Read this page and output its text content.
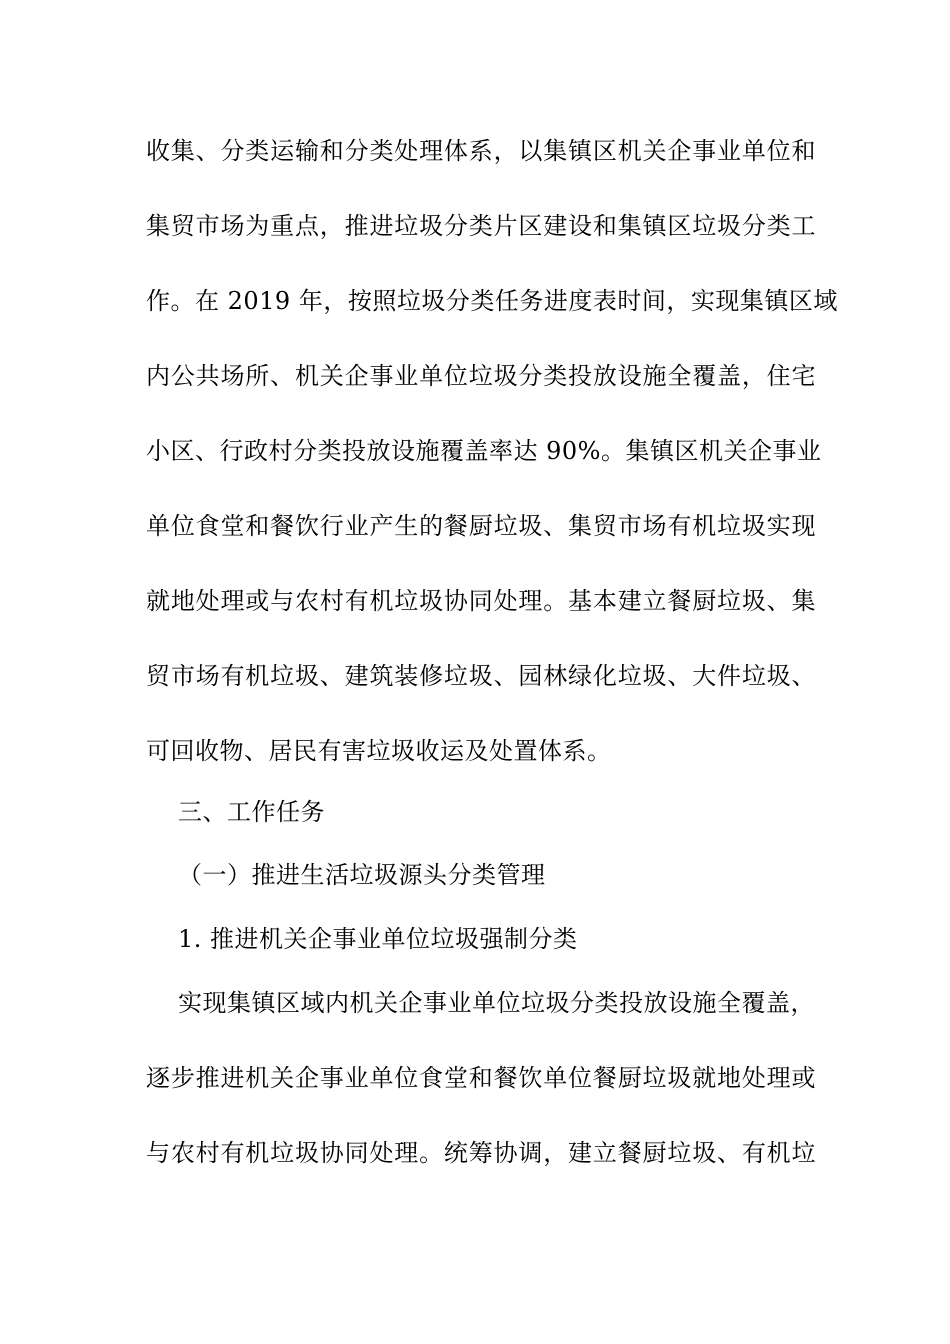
收集、分类运输和分类处理体系，以集镇区机关企事业单位和
集贸市场为重点，推进垃圾分类片区建设和集镇区垃圾分类工
作。在 2019 年，按照垃圾分类任务进度表时间，实现集镇区域
内公共场所、机关企事业单位垃圾分类投放设施全覆盖，住宅
小区、行政村分类投放设施覆盖率达 90%。集镇区机关企事业
单位食堂和餐饮行业产生的餐厨垃圾、集贸市场有机垃圾实现
就地处理或与农村有机垃圾协同处理。基本建立餐厨垃圾、集
贸市场有机垃圾、建筑装修垃圾、园林绿化垃圾、大件垃圾、
可回收物、居民有害垃圾收运及处置体系。
三、工作任务
（一）推进生活垃圾源头分类管理
1. 推进机关企事业单位垃圾强制分类
实现集镇区域内机关企事业单位垃圾分类投放设施全覆盖，
逐步推进机关企事业单位食堂和餐饮单位餐厨垃圾就地处理或
与农村有机垃圾协同处理。统筹协调，建立餐厨垃圾、有机垃
